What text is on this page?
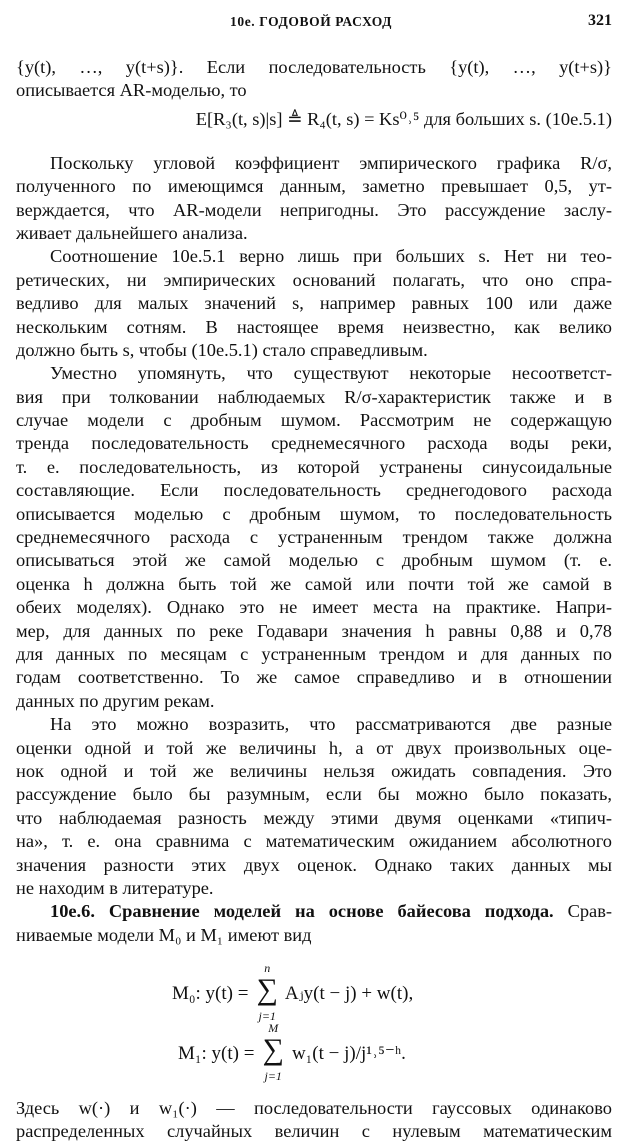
10е. ГОДОВОЙ РАСХОД	321
{y(t), …, y(t+s)}. Если последовательность {y(t), …, y(t+s)}
описывается AR-моделью, то
E[R₃(t, s)|s] ≜ R₄(t, s) = Ks⁰˒⁵ для больших s. (10е.5.1)
Поскольку угловой коэффициент эмпирического графика R/σ,
полученного по имеющимся данным, заметно превышает 0,5, ут-
верждается, что AR-модели непригодны. Это рассуждение заслу-
живает дальнейшего анализа.
Соотношение 10е.5.1 верно лишь при больших s. Нет ни тео-
ретических, ни эмпирических оснований полагать, что оно спра-
ведливо для малых значений s, например равных 100 или даже
нескольким сотням. В настоящее время неизвестно, как велико
должно быть s, чтобы (10е.5.1) стало справедливым.
Уместно упомянуть, что существуют некоторые несоответст-
вия при толковании наблюдаемых R/σ-характеристик также и в
случае модели с дробным шумом. Рассмотрим не содержащую
тренда последовательность среднемесячного расхода воды реки,
т. е. последовательность, из которой устранены синусоидальные
составляющие. Если последовательность среднегодового расхода
описывается моделью с дробным шумом, то последовательность
среднемесячного расхода с устраненным трендом также должна
описываться этой же самой моделью с дробным шумом (т. е.
оценка h должна быть той же самой или почти той же самой в
обеих моделях). Однако это не имеет места на практике. Напри-
мер, для данных по реке Годавари значения h равны 0,88 и 0,78
для данных по месяцам с устраненным трендом и для данных по
годам соответственно. То же самое справедливо и в отношении
данных по другим рекам.
На это можно возразить, что рассматриваются две разные
оценки одной и той же величины h, а от двух произвольных оце-
нок одной и той же величины нельзя ожидать совпадения. Это
рассуждение было бы разумным, если бы можно было показать,
что наблюдаемая разность между этими двумя оценками «типич-
на», т. е. она сравнима с математическим ожиданием абсолютного
значения разности этих двух оценок. Однако таких данных мы
не находим в литературе.
10е.6. Сравнение моделей на основе байесова подхода. Срав-
ниваемые модели M₀ и M₁ имеют вид
M₀: y(t) =
n
∑
j=1
Aⱼy(t − j) + w(t),
M₁: y(t) =
M
∑
j=1
w₁(t − j)/j¹˒⁵⁻ʰ.
Здесь w(·) и w₁(·) — последовательности гауссовых одинаково
распределенных случайных величин с нулевым математическим
